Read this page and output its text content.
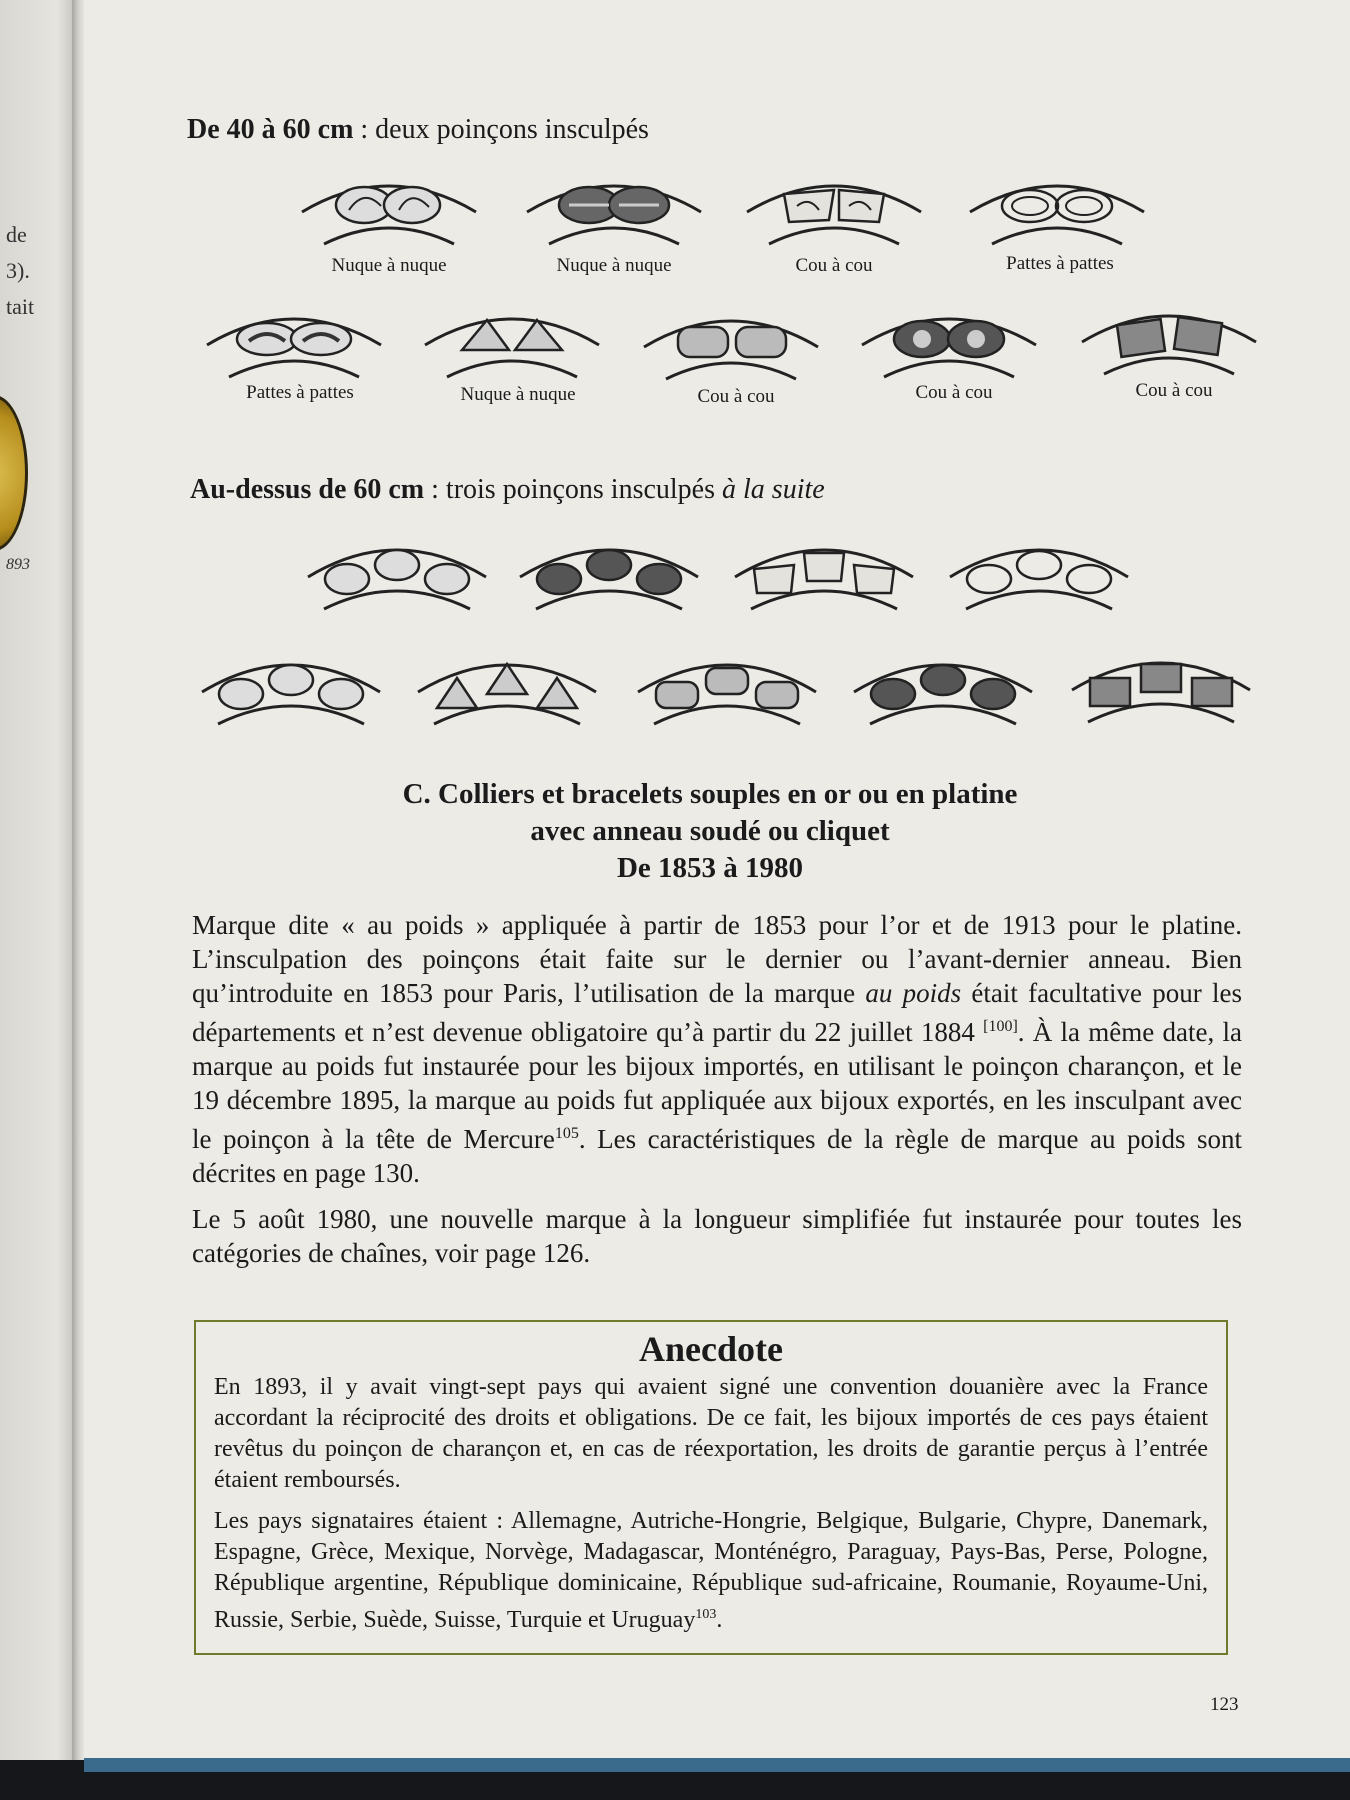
de
3).
tait
893
De 40 à 60 cm : deux poinçons insculpés
Nuque à nuque	Nuque à nuque	Cou à cou	Pattes à pattes
Pattes à pattes	Nuque à nuque	Cou à cou	Cou à cou	Cou à cou
Au-dessus de 60 cm : trois poinçons insculpés à la suite
C. Colliers et bracelets souples en or ou en platine
avec anneau soudé ou cliquet
De 1853 à 1980
Marque dite « au poids » appliquée à partir de 1853 pour l’or et de 1913 pour le platine. L’insculpation des poinçons était faite sur le dernier ou l’avant-dernier anneau. Bien qu’introduite en 1853 pour Paris, l’utilisation de la marque au poids était facultative pour les départements et n’est devenue obligatoire qu’à partir du 22 juillet 1884 [100]. À la même date, la marque au poids fut instaurée pour les bijoux importés, en utilisant le poinçon charançon, et le 19 décembre 1895, la marque au poids fut appliquée aux bijoux exportés, en les insculpant avec le poinçon à la tête de Mercure$^{105}$. Les caractéristiques de la règle de marque au poids sont décrites en page 130.
Le 5 août 1980, une nouvelle marque à la longueur simplifiée fut instaurée pour toutes les catégories de chaînes, voir page 126.
Anecdote

En 1893, il y avait vingt-sept pays qui avaient signé une convention douanière avec la France accordant la réciprocité des droits et obligations. De ce fait, les bijoux importés de ces pays étaient revêtus du poinçon de charançon et, en cas de réexportation, les droits de garantie perçus à l’entrée étaient remboursés.

Les pays signataires étaient : Allemagne, Autriche-Hongrie, Belgique, Bulgarie, Chypre, Danemark, Espagne, Grèce, Mexique, Norvège, Madagascar, Monténégro, Paraguay, Pays-Bas, Perse, Pologne, République argentine, République dominicaine, République sud-africaine, Roumanie, Royaume-Uni, Russie, Serbie, Suède, Suisse, Turquie et Uruguay$^{103}$.

123
